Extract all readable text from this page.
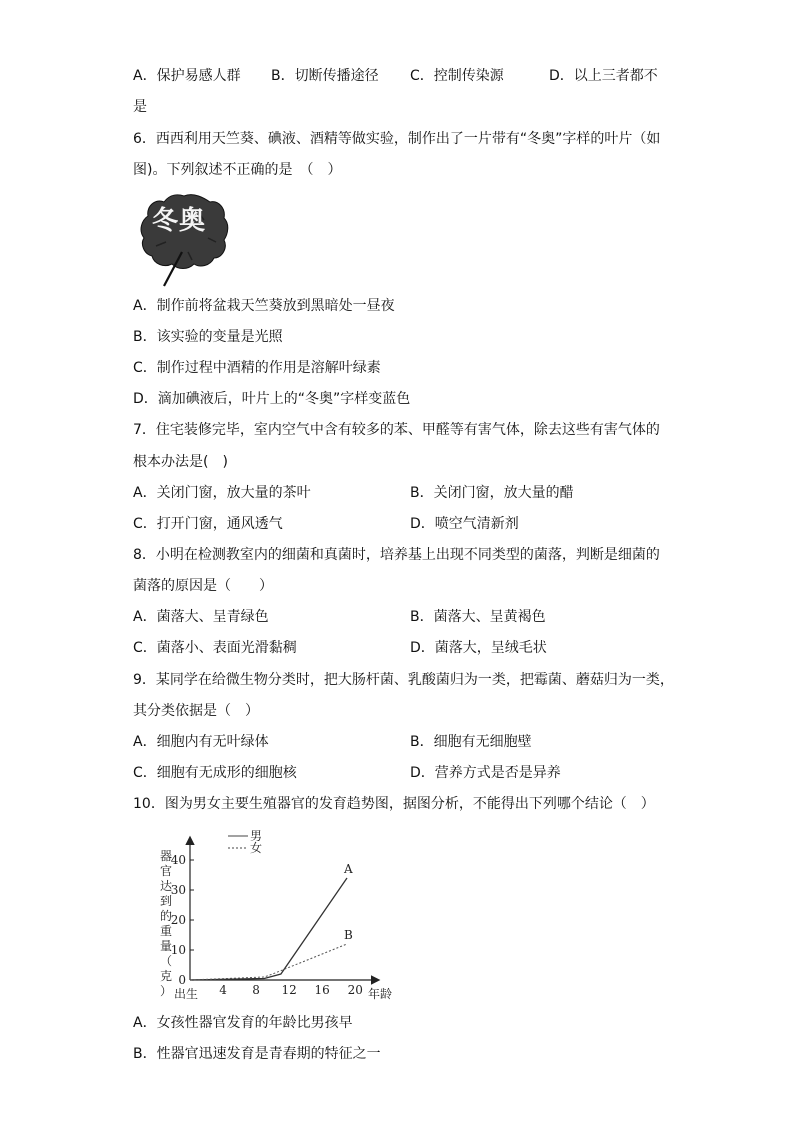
A．保护易感人群 B．切断传播途径 C．控制传染源	D．以上三者都不
是
6．西西利用天竺葵、碘液、酒精等做实验，制作出了一片带有“冬奥”字样的叶片（如
图)。下列叙述不正确的是　（　）
冬奥
A．制作前将盆栽天竺葵放到黑暗处一昼夜
B．该实验的变量是光照
C．制作过程中酒精的作用是溶解叶绿素
D．滴加碘液后，叶片上的“冬奥”字样变蓝色
7．住宅装修完毕，室内空气中含有较多的苯、甲醛等有害气体，除去这些有害气体的
根本办法是(　)
A．关闭门窗，放大量的茶叶	B．关闭门窗，放大量的醋
C．打开门窗，通风透气	D．喷空气清新剂
8．小明在检测教室内的细菌和真菌时，培养基上出现不同类型的菌落，判断是细菌的
菌落的原因是（　　）
A．菌落大、呈青绿色	B．菌落大、呈黄褐色
C．菌落小、表面光滑黏稠	D．菌落大，呈绒毛状
9．某同学在给微生物分类时，把大肠杆菌、乳酸菌归为一类，把霉菌、蘑菇归为一类，
其分类依据是（　）
A．细胞内有无叶绿体	B．细胞有无细胞壁
C．细胞有无成形的细胞核	D．营养方式是否是异养
10．图为男女主要生殖器官的发育趋势图，据图分析，不能得出下列哪个结论（　）
器
官
达
到
的
重
量
（
克
）
0
10
20
30
40
4 8 12 16 20
A
B
男
女
出生	年龄
A．女孩性器官发育的年龄比男孩早
B．性器官迅速发育是青春期的特征之一
